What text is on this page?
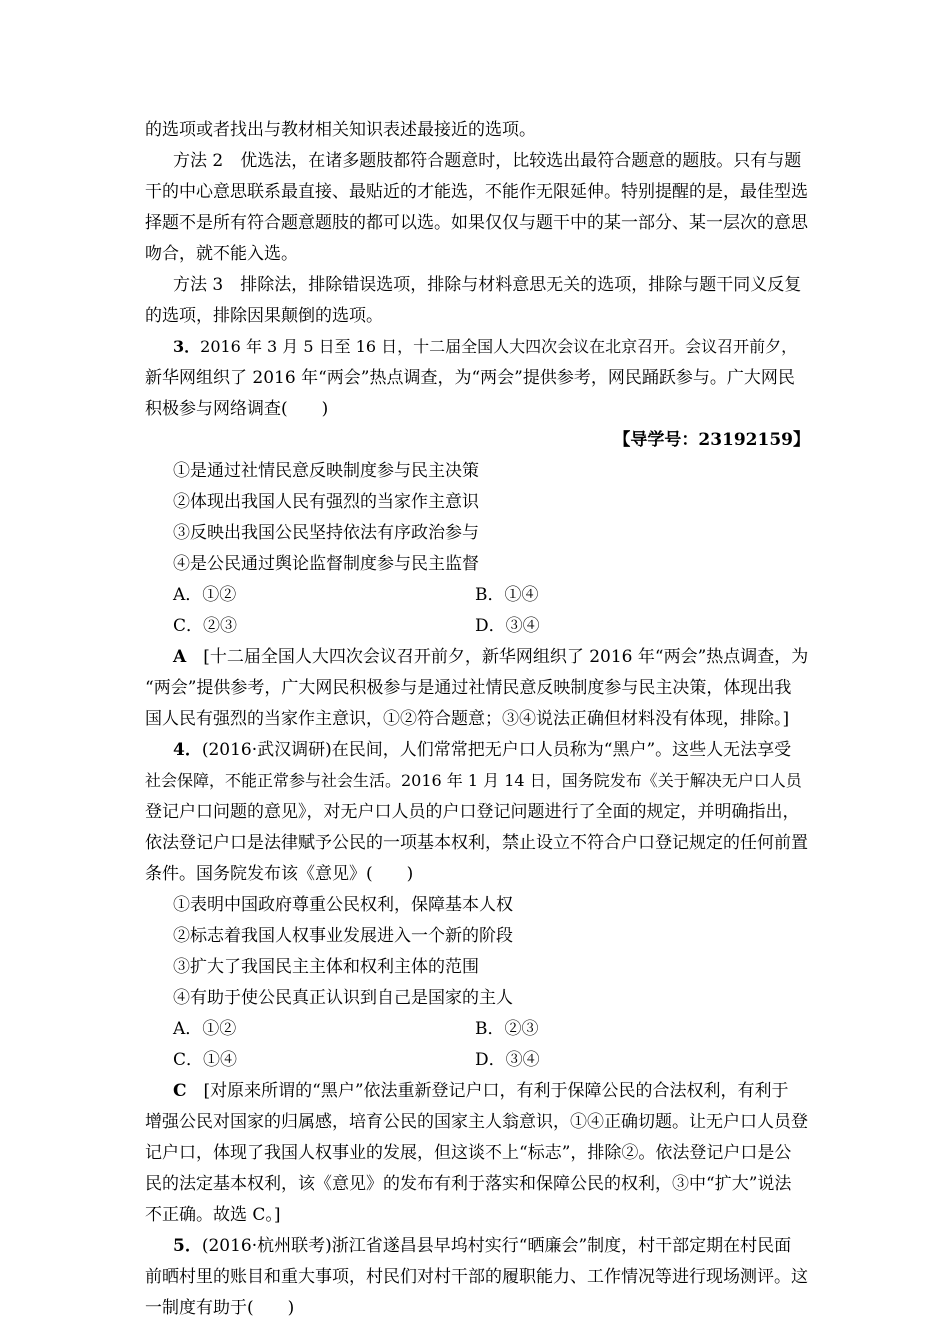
的选项或者找出与教材相关知识表述最接近的选项。
方法 2　优选法，在诸多题肢都符合题意时，比较选出最符合题意的题肢。只有与题
干的中心意思联系最直接、最贴近的才能选，不能作无限延伸。特别提醒的是，最佳型选
择题不是所有符合题意题肢的都可以选。如果仅仅与题干中的某一部分、某一层次的意思
吻合，就不能入选。
方法 3　排除法，排除错误选项，排除与材料意思无关的选项，排除与题干同义反复
的选项，排除因果颠倒的选项。
3．2016 年 3 月 5 日至 16 日，十二届全国人大四次会议在北京召开。会议召开前夕，
新华网组织了 2016 年“两会”热点调查，为“两会”提供参考，网民踊跃参与。广大网民
积极参与网络调查(　　)
【导学号：23192159】
①是通过社情民意反映制度参与民主决策
②体现出我国人民有强烈的当家作主意识
③反映出我国公民坚持依法有序政治参与
④是公民通过舆论监督制度参与民主监督
A．①②	B．①④
C．②③	D．③④
A　 [十二届全国人大四次会议召开前夕，新华网组织了 2016 年“两会”热点调查，为
“两会”提供参考，广大网民积极参与是通过社情民意反映制度参与民主决策，体现出我
国人民有强烈的当家作主意识，①②符合题意；③④说法正确但材料没有体现，排除。]
4．(2016·武汉调研)在民间，人们常常把无户口人员称为“黑户”。这些人无法享受
社会保障，不能正常参与社会生活。2016 年 1 月 14 日，国务院发布《关于解决无户口人员
登记户口问题的意见》，对无户口人员的户口登记问题进行了全面的规定，并明确指出，
依法登记户口是法律赋予公民的一项基本权利，禁止设立不符合户口登记规定的任何前置
条件。国务院发布该《意见》(　　)
①表明中国政府尊重公民权利，保障基本人权
②标志着我国人权事业发展进入一个新的阶段
③扩大了我国民主主体和权利主体的范围
④有助于使公民真正认识到自己是国家的主人
A．①②	B．②③
C．①④	D．③④
C　 [对原来所谓的“黑户”依法重新登记户口，有利于保障公民的合法权利，有利于
增强公民对国家的归属感，培育公民的国家主人翁意识，①④正确切题。让无户口人员登
记户口，体现了我国人权事业的发展，但这谈不上“标志”，排除②。依法登记户口是公
民的法定基本权利，该《意见》的发布有利于落实和保障公民的权利，③中“扩大”说法
不正确。故选 C。]
5．(2016·杭州联考)浙江省遂昌县早坞村实行“晒廉会”制度，村干部定期在村民面
前晒村里的账目和重大事项，村民们对村干部的履职能力、工作情况等进行现场测评。这
一制度有助于(　　)
